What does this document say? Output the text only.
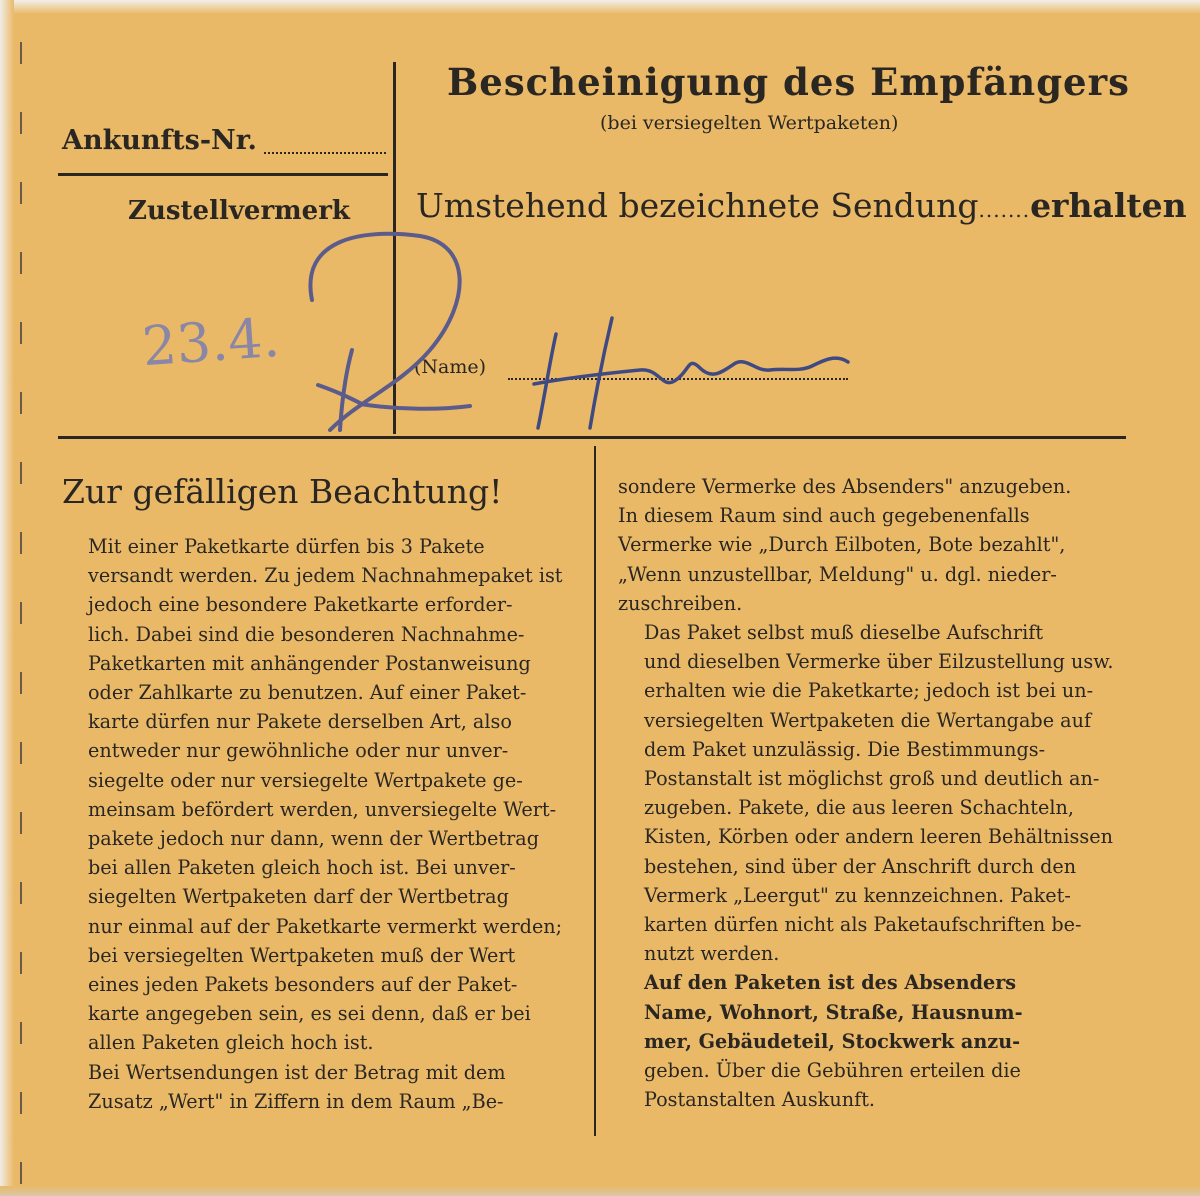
Bescheinigung des Empfängers
(bei versiegelten Wertpaketen)
Ankunfts-Nr.
Zustellvermerk Umstehend bezeichnete Sendung.......erhalten
(Name)
Zur gefälligen Beachtung!

Mit einer Paketkarte dürfen bis 3 Pakete
versandt werden. Zu jedem Nachnahmepaket ist
jedoch eine besondere Paketkarte erforder-
lich. Dabei sind die besonderen Nachnahme-
Paketkarten mit anhängender Postanweisung
oder Zahlkarte zu benutzen. Auf einer Paket-
karte dürfen nur Pakete derselben Art, also
entweder nur gewöhnliche oder nur unver-
siegelte oder nur versiegelte Wertpakete ge-
meinsam befördert werden, unversiegelte Wert-
pakete jedoch nur dann, wenn der Wertbetrag
bei allen Paketen gleich hoch ist. Bei unver-
siegelten Wertpaketen darf der Wertbetrag
nur einmal auf der Paketkarte vermerkt werden;
bei versiegelten Wertpaketen muß der Wert
eines jeden Pakets besonders auf der Paket-
karte angegeben sein, es sei denn, daß er bei
allen Paketen gleich hoch ist.

Bei Wertsendungen ist der Betrag mit dem
Zusatz „Wert" in Ziffern in dem Raum „Be-

sondere Vermerke des Absenders" anzugeben.
In diesem Raum sind auch gegebenenfalls
Vermerke wie „Durch Eilboten, Bote bezahlt",
„Wenn unzustellbar, Meldung" u. dgl. nieder-
zuschreiben.

Das Paket selbst muß dieselbe Aufschrift
und dieselben Vermerke über Eilzustellung usw.
erhalten wie die Paketkarte; jedoch ist bei un-
versiegelten Wertpaketen die Wertangabe auf
dem Paket unzulässig. Die Bestimmungs-
Postanstalt ist möglichst groß und deutlich an-
zugeben. Pakete, die aus leeren Schachteln,
Kisten, Körben oder andern leeren Behältnissen
bestehen, sind über der Anschrift durch den
Vermerk „Leergut" zu kennzeichnen. Paket-
karten dürfen nicht als Paketaufschriften be-
nutzt werden.

Auf den Paketen ist des Absenders
Name, Wohnort, Straße, Hausnum-
mer, Gebäudeteil, Stockwerk anzu-
geben. Über die Gebühren erteilen die
Postanstalten Auskunft.

23.4.
